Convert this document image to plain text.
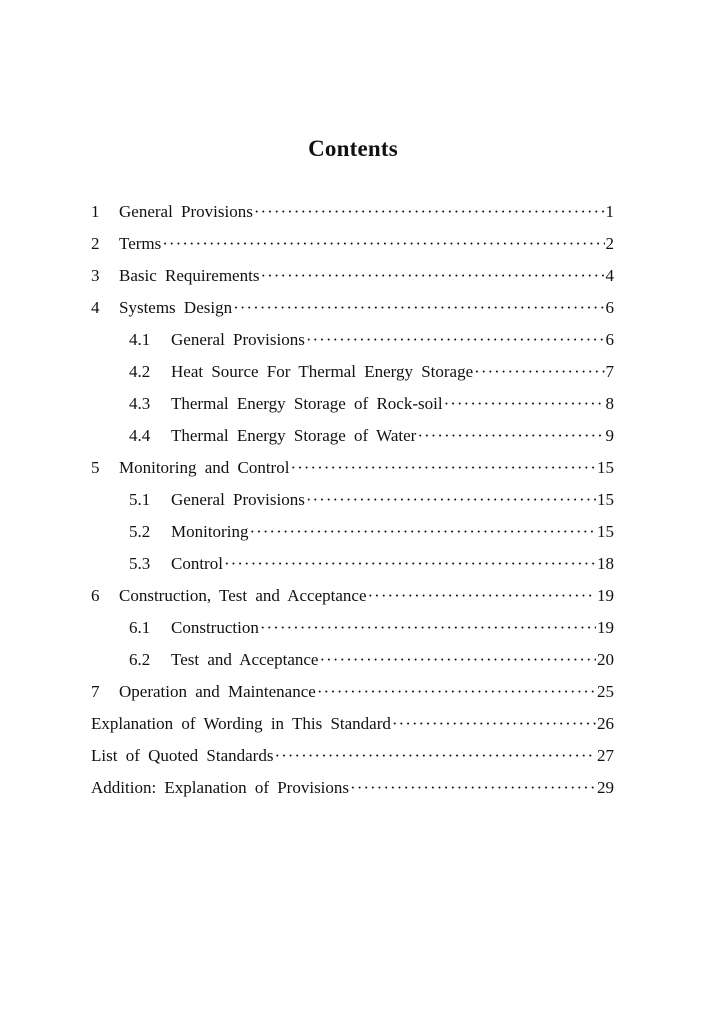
Contents
1	General Provisions ·····	1
2	Terms ·····	2
3	Basic Requirements ·····	4
4	Systems Design ·····	6
4.1	General Provisions ·····	6
4.2	Heat Source For Thermal Energy Storage ·····	7
4.3	Thermal Energy Storage of Rock-soil ·····	8
4.4	Thermal Energy Storage of Water ·····	9
5	Monitoring and Control ·····	15
5.1	General Provisions ·····	15
5.2	Monitoring ·····	15
5.3	Control ·····	18
6	Construction, Test and Acceptance ·····	19
6.1	Construction ·····	19
6.2	Test and Acceptance ·····	20
7	Operation and Maintenance ·····	25
Explanation of Wording in This Standard ·····	26
List of Quoted Standards ·····	27
Addition: Explanation of Provisions ·····	29
